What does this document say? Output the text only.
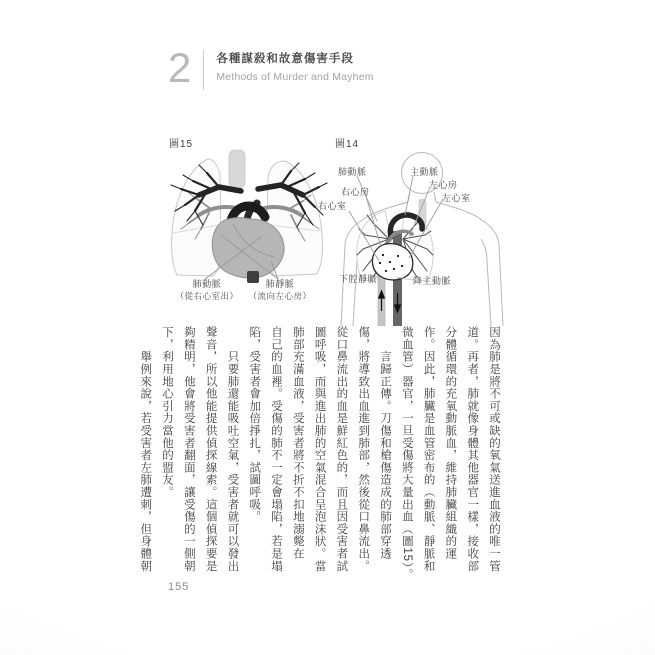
2	各種謀殺和故意傷害手段
Methods of Murder and Mayhem
圖15
肺動脈
（從右心室出）
肺靜脈
（流向左心房）
圖14
肺動脈	主動脈
左心房
左心室
右心房
右心室
下腔靜脈	降主動脈
因為肺是將不可或缺的氧氣送進血液的唯一管
道。再者，肺就像身體其他器官一樣，接收部
分體循環的充氧動脈血，維持肺臟組織的運
作。因此，肺臟是血管密布的（動脈、靜脈和
微血管）器官，一旦受傷將大量出血（圖15）。
　　言歸正傳。刀傷和槍傷造成的肺部穿透
傷，將導致出血進到肺部，然後從口鼻流出。
從口鼻流出的血是鮮紅色的，而且因受害者試
圖呼吸，而與進出肺的空氣混合呈泡沫狀。當
肺部充滿血液，受害者將不折不扣地溺斃在
自己的血裡。受傷的肺不一定會塌陷，若是塌
陷，受害者會加倍掙扎，試圖呼吸。
　　只要肺還能吸吐空氣，受害者就可以發出
聲音，所以他能提供偵探線索。這個偵探要是
夠精明，他會將受害者翻面，讓受傷的一側朝
下，利用地心引力當他的盟友。
　　舉例來說，若受害者左肺遭刺，但身體朝
155
